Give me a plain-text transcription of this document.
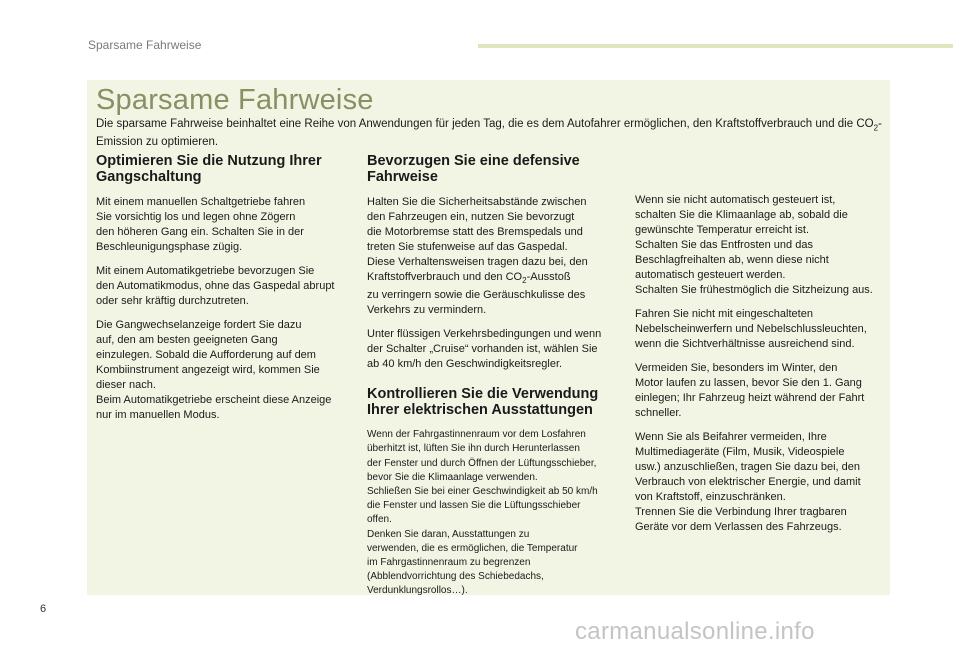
Sparsame Fahrweise
Sparsame Fahrweise

Die sparsame Fahrweise beinhaltet eine Reihe von Anwendungen für jeden Tag, die es dem Autofahrer ermöglichen, den Kraftstoffverbrauch und die $CO_2$-Emission zu optimieren.

Optimieren Sie die Nutzung Ihrer
Gangschaltung

Mit einem manuellen Schaltgetriebe fahren
Sie vorsichtig los und legen ohne Zögern
den höheren Gang ein. Schalten Sie in der
Beschleunigungsphase zügig.

Mit einem Automatikgetriebe bevorzugen Sie
den Automatikmodus, ohne das Gaspedal abrupt
oder sehr kräftig durchzutreten.

Die Gangwechselanzeige fordert Sie dazu
auf, den am besten geeigneten Gang
einzulegen. Sobald die Aufforderung auf dem
Kombiinstrument angezeigt wird, kommen Sie
dieser nach.
Beim Automatikgetriebe erscheint diese Anzeige
nur im manuellen Modus.

Bevorzugen Sie eine defensive
Fahrweise

Halten Sie die Sicherheitsabstände zwischen
den Fahrzeugen ein, nutzen Sie bevorzugt
die Motorbremse statt des Bremspedals und
treten Sie stufenweise auf das Gaspedal.
Diese Verhaltensweisen tragen dazu bei, den
Kraftstoffverbrauch und den $CO_2$-Ausstoß
zu verringern sowie die Geräuschkulisse des
Verkehrs zu vermindern.

Unter flüssigen Verkehrsbedingungen und wenn
der Schalter „Cruise“ vorhanden ist, wählen Sie
ab 40 km/h den Geschwindigkeitsregler.

Kontrollieren Sie die Verwendung
Ihrer elektrischen Ausstattungen

Wenn der Fahrgastinnenraum vor dem Losfahren
überhitzt ist, lüften Sie ihn durch Herunterlassen
der Fenster und durch Öffnen der Lüftungsschieber,
bevor Sie die Klimaanlage verwenden.
Schließen Sie bei einer Geschwindigkeit ab 50 km/h
die Fenster und lassen Sie die Lüftungsschieber
offen.
Denken Sie daran, Ausstattungen zu
verwenden, die es ermöglichen, die Temperatur
im Fahrgastinnenraum zu begrenzen
(Abblendvorrichtung des Schiebedachs,
Verdunklungsrollos…).

Wenn sie nicht automatisch gesteuert ist,
schalten Sie die Klimaanlage ab, sobald die
gewünschte Temperatur erreicht ist.
Schalten Sie das Entfrosten und das
Beschlagfreihalten ab, wenn diese nicht
automatisch gesteuert werden.
Schalten Sie frühestmöglich die Sitzheizung aus.

Fahren Sie nicht mit eingeschalteten
Nebelscheinwerfern und Nebelschlussleuchten,
wenn die Sichtverhältnisse ausreichend sind.

Vermeiden Sie, besonders im Winter, den
Motor laufen zu lassen, bevor Sie den 1. Gang
einlegen; Ihr Fahrzeug heizt während der Fahrt
schneller.

Wenn Sie als Beifahrer vermeiden, Ihre
Multimediageräte (Film, Musik, Videospiele
usw.) anzuschließen, tragen Sie dazu bei, den
Verbrauch von elektrischer Energie, und damit
von Kraftstoff, einzuschränken.
Trennen Sie die Verbindung Ihrer tragbaren
Geräte vor dem Verlassen des Fahrzeugs.

6
carmanualsonline.info
